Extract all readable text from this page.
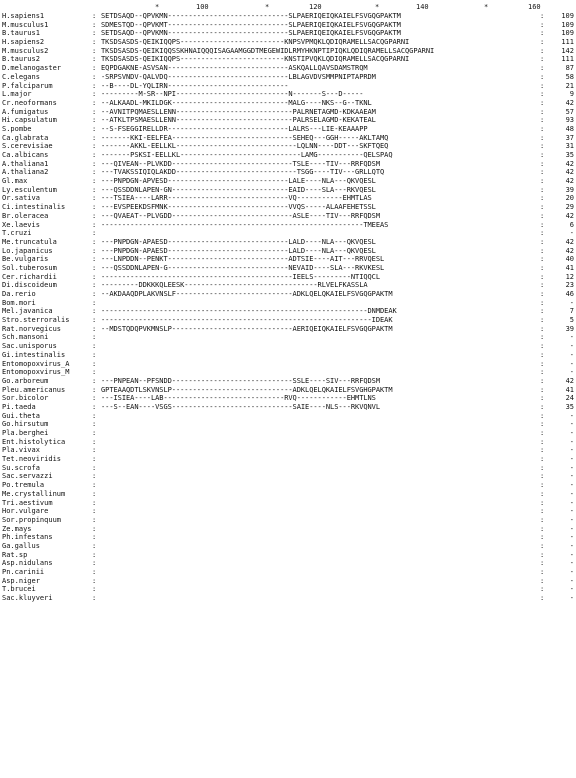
*	100	*	120	*	140	*	160
H.sapiens1	: SETDSAQD--QPVKMN-----------------------------SLPAERIQEIQKAIELFSVGQGPAKTM	109
:
M.musculus1	: SDMESTQD--QPVKMT-----------------------------SLPAERIQEIQKAIELFSVGQGPAKTM	109
:
B.taurus1	: SETDSAQD--QPVKMN-----------------------------SLPAERIQEIQKAIELFSVGQGPAKTM	109
:
H.sapiens2	: TKSDSASDS-QEIKIQQPS-------------------------KNPSVPMQKLQDIQRAMELLSACQGPARNI	111
:
M.musculus2	: TKSDSASDS-QEIKIQQSSKHNAIQQQISAGAAMGGDTMEGEWIDLRMYHKNPTIPIQKLQDIQRAMELLSACQGPARNI	142
:
B.taurus2	: TKSDSASDS-QEIKIQQPS-------------------------KNSTIPVQKLQDIQRAMELLSACQGPARNI	111
:
D.melanogaster	: EQPDGAKNE-ASVSAN-----------------------------ASKQALLQAVSDAMSTRQM	87
:
C.elegans	: -SRPSVNDV-QALVDQ-----------------------------LBLAGVDVSMMPNIPTAPRDM	58
:
P.falciparum	: --B----DL-YQLIRN-----------------------------	21
:
L.major	: ---------M-SR--NPI---------------------------N-------S---D-----	9
:
Cr.neoformans	: --ALKAADL-MKILDGK----------------------------MALG----NKS--G--TKNL	42
:
A.fumigatus	: --AVNITPQMAESLLENN----------------------------PALRNETAGMD-KDKAAEAM	57
:
Hi.capsulatum	: --ATKLTPSMAESLLENN----------------------------PALRSELAGMD-KEKATEAL	93
:
S.pombe	: --S-FSEGGIRELLDR-----------------------------LALRS---LIE-KEAAAPP	48
:
Ca.glabrata	: -------KKI-EELFEA-----------------------------SEHEQ---GGH-----AKLTAMQ	37
:
S.cerevisiae	: -------AKKL-EELLKL-----------------------------LQLNN----DDT---SKFTQEQ	31
:
Ca.albicans	: -------PSKSI-EELLKL-----------------------------LAMG-----------QELSPAQ	35
:
A.thaliana1	: ---QIVEAN--PLVKDD-----------------------------TSLE----TIV---RRFQDSM	42
:
A.thaliana2	: ---TVAKSSIQIQLAKDD-----------------------------TSGG----TIV---GRLLQTQ	42
:
Gl.max	: ---PNPDGN-APVESD-----------------------------LALE----NLA---QKVQESL	42
:
Ly.esculentum	: ---QSSDDNLAPEN-GN----------------------------EAID----SLA---RKVQESL	39
:
Or.sativa	: ---TSIEA----LARR-----------------------------VQ-----------EHMTLAS	20
:
Ci.intestinalis	: ---EVSPEEKDSFMNK-----------------------------VVQS-----ALAAFEHETSSL	29
:
Br.oleracea	: ---QVAEAT--PLVGDD-----------------------------ASLE----TIV---RRFQDSM	42
:
Xe.laevis	: ---------------------------------------------------------------TMEEAS	6
:
T.cruzi	:	-
:
Me.truncatula	: ---PNPDGN-APAESD-----------------------------LALD----NLA---QKVQESL	42
:
Lo.japanicus	: ---PNPDGN-APAESD-----------------------------LALD----NLA---QKVQESL	42
:
Be.vulgaris	: ---LNPDDN--PENKT-----------------------------ADTSIE----AIT---RRVQESL	40
:
Sol.tuberosum	: ---QSSDDNLAPEN-G-----------------------------NEVAID----SLA---RKVKESL	41
:
Cer.richardii	: ----------------------------------------------IEELS---------NTIQQCL	12
:
Di.discoideum	: ---------DDKKKQLEESK--------------------------------RLVELFKASSLA	23
:
Da.rerio	: --AKDAAQDPLAKVNSLF----------------------------ADKLQELQKAIELFSVGQGPAKTM	46
:
Bom.mori	:	-
:
Mel.javanica	: ----------------------------------------------------------------DNMDEAK	7
:
Stro.sterroralis	: -----------------------------------------------------------------IDEAK	5
:
Rat.norvegicus	: --MDSTQDQPVKMNSLP-----------------------------AERIQEIQKAIELFSVGQGPAKTM	39
:
Sch.mansoni	:	-
:
Sac.unisporus	:	-
:
Gi.intestinalis	:	-
:
Entomopoxvirus_A	:	-
:
Entomopoxvirus_M	:	-
:
Go.arboreum	: ---PNPEAN--PFSNDD-----------------------------SSLE----SIV---RRFQDSM	42
:
Pleu.americanus	: GPTEAAQDTLSKVNSLP-----------------------------ADKLQELQKAIELFSVGHGPAKTM	41
:
Sor.bicolor	: ---ISIEA----LAB-----------------------------RVQ------------EHMTLNS	24
:
Pi.taeda	: ---S--EAN----VSGS-----------------------------SAIE----NLS---RKVQNVL	35
:
Gui.theta	:	-
:
Go.hirsutum	:	-
:
Pla.berghei	:	-
:
Ent.histolytica	:	-
:
Pla.vivax	:	-
:
Tet.neoviridis	:	-
:
Su.scrofa	:	-
:
Sac.servazzi	:	-
:
Po.tremula	:	-
:
Me.crystallinum	:	-
:
Tri.aestivum	:	-
:
Hor.vulgare	:	-
:
Sor.propinquum	:	-
:
Ze.mays	:	-
:
Ph.infestans	:	-
:
Ga.gallus	:	-
:
Rat.sp	:	-
:
Asp.nidulans	:	-
:
Pn.carinii	:	-
:
Asp.niger	:	-
:
T.brucei	:	-
:
Sac.kluyveri	:	-
:
